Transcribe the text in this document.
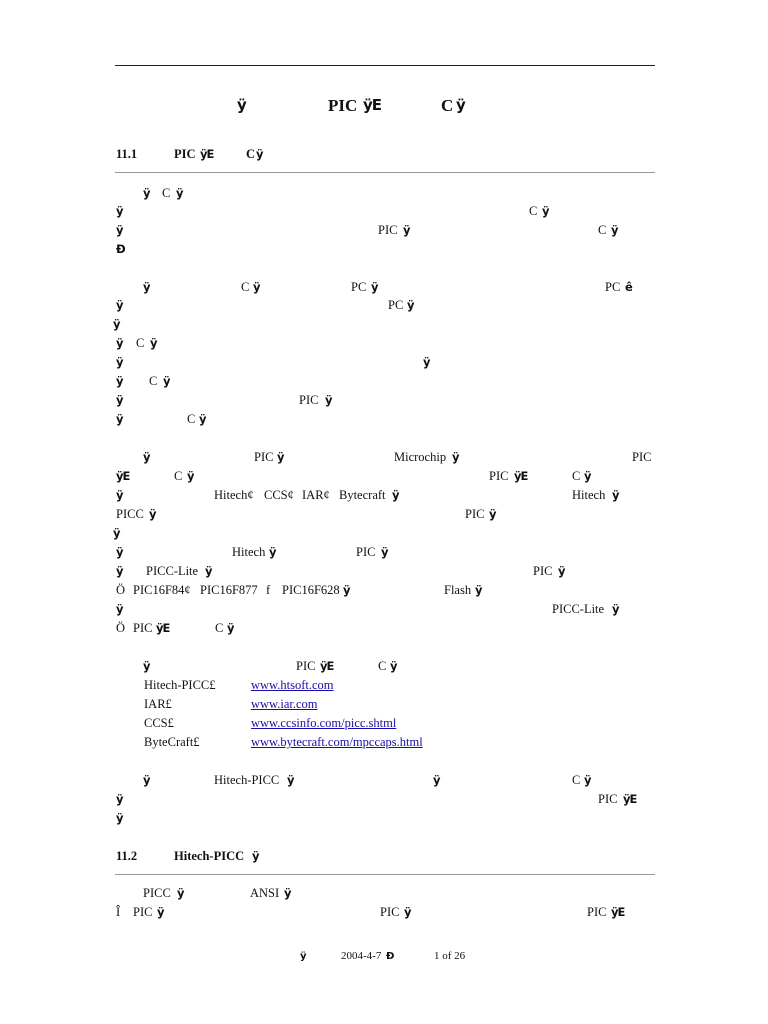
ÿ	PIC ÿE	C ÿ
11.1	PIC ÿE	C ÿ
ÿ C ÿ
ÿ	C ÿ
ÿ	PIC ÿ	C ÿ
Ð
ÿ	C ÿ	PC ÿ	PC ê
ÿ	PC ÿ
ÿ
ÿ C ÿ
ÿ	ÿ
ÿ C ÿ
ÿ	PIC ÿ
ÿ	C ÿ
ÿ	PIC ÿ	Microchip ÿ	PIC
ÿE	C ÿ	PIC ÿE	C ÿ
ÿ	Hitech¢ CCS¢ IAR¢ Bytecraft ÿ	Hitech ÿ
PICC ÿ	PIC ÿ
ÿ
ÿ	Hitech ÿ	PIC ÿ
ÿ PICC-Lite ÿ	PIC ÿ
Ö PIC16F84¢ PIC16F877 f PIC16F628 ÿ	Flash ÿ
ÿ	PICC-Lite ÿ
Ö PIC ÿE	C ÿ
ÿ	PIC ÿE	C ÿ
Hitech-PICC£	www.htsoft.com
IAR£	www.iar.com
CCS£	www.ccsinfo.com/picc.shtml
ByteCraft£	www.bytecraft.com/mpccaps.html
ÿ	Hitech-PICC ÿ	ÿ	C ÿ
ÿ	PIC ÿE
ÿ
11.2	Hitech-PICC ÿ
PICC ÿ	ANSI ÿ
Î PIC ÿ	PIC ÿ	PIC ÿE
ÿ	2004-4-7 Ð	1 of 26
